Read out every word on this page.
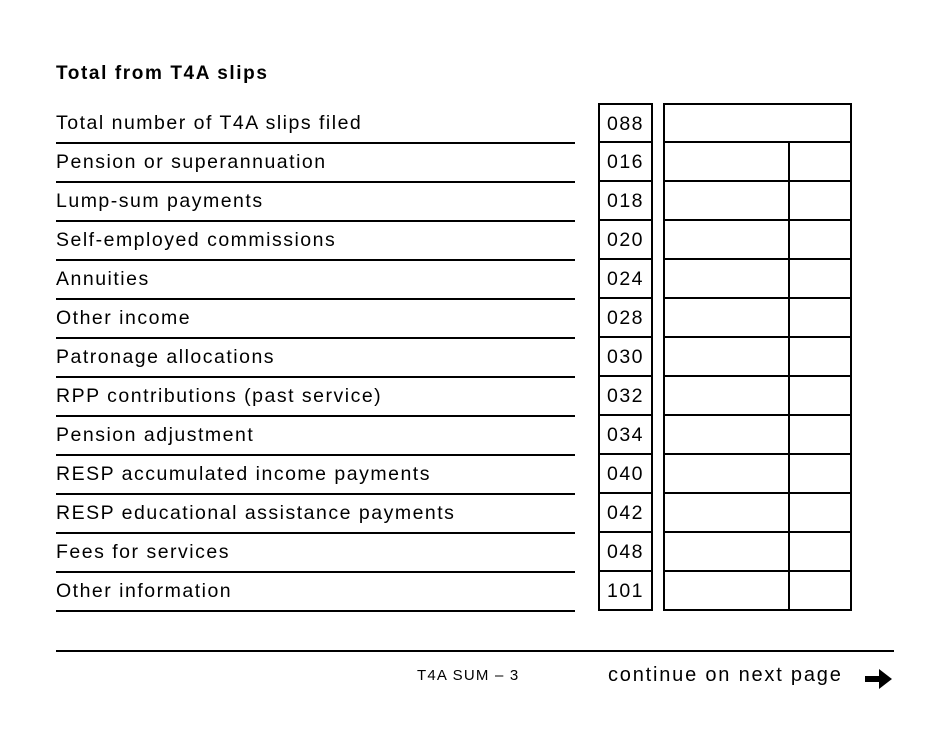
Total from T4A slips
Total number of T4A slips filed	088
Pension or superannuation	016
Lump-sum payments	018
Self-employed commissions	020
Annuities	024
Other income	028
Patronage allocations	030
RPP contributions (past service)	032
Pension adjustment	034
RESP accumulated income payments	040
RESP educational assistance payments	042
Fees for services	048
Other information	101
T4A SUM – 3	continue on next page
